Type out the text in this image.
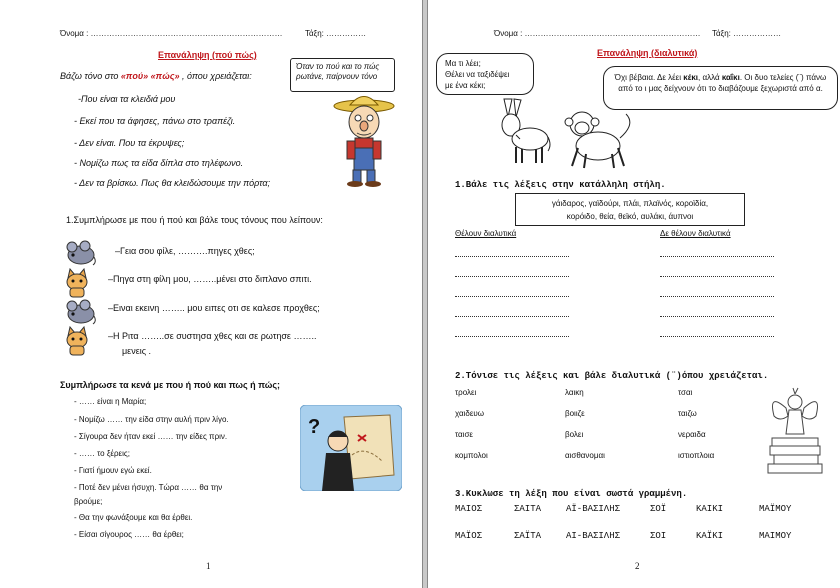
Όνομα : ………………………………………………………………	Τάξη: ……………
Επανάληψη (πού πώς)
Βάζω τόνο στο «πού» «πώς» , όπου χρειάζεται:
Όταν το πού και το πώς ρωτάνε, παίρνουν τόνο
-Που είναι τα κλειδιά μου
- Εκεί που τα άφησες, πάνω στο τραπέζι.
- Δεν είναι. Που τα έκρυψες;
- Νομίζω πως τα είδα δίπλα στο τηλέφωνο.
- Δεν τα βρίσκω. Πως θα κλειδώσουμε την πόρτα;
1.Συμπλήρωσε με που ή πού και βάλε τους τόνους που λείπουν:
–Γεια σου φίλε, ……….πηγες χθες;
–Πηγα στη φίλη μου, ……..μένει στο διπλανο σπιτι.
–Ειναι εκεινη …….. μου ειπες οτι σε καλεσε προχθες;
–Η Ριτα ……..σε συστησα χθες και σε ρωτησε ……..
μενεις .
Συμπλήρωσε τα κενά με που ή πού και πως ή πώς;
- …… είναι η Μαρία;
- Νομίζω …… την είδα στην αυλή πριν λίγο.
- Σίγουρα δεν ήταν εκεί …… την είδες πριν.
- …… το ξέρεις;
- Γιατί ήμουν εγώ εκεί.
- Ποτέ δεν μένει ήσυχη. Τώρα …… θα την
βρούμε;
- Θα την φωνάξουμε και θα έρθει.
- Είσαι σίγουρος …… θα έρθει;
?
1
Όνομα : ………………………………………………………… Τάξη: ………………
Επανάληψη (διαλυτικά)
Μα τι λέει;
Θέλει να ταξιδέψει
με ένα κέκι;
Όχι βέβαια. Δε λέει κέκι, αλλά καΐκι. Οι δυο τελείες (¨) πάνω από το ι μας δείχνουν ότι το διαβάζουμε ξεχωριστά από α.
1.Βάλε τις λέξεις στην κατάλληλη στήλη.
γάιδαρος, γαϊδούρι, πλάι, πλαϊνός, κοροϊδία,
κορόιδο, θεία, θεϊκό, αυλάκι, άυπνοι
Θέλουν διαλυτικά	Δε θέλουν διαλυτικά
2.Τόνισε τις λέξεις και βάλε διαλυτικά (¨)όπου χρειάζεται.
τρολει	λαικη	τσαι
χαιδευω	βοιιζε	ταιζω
ταισε	βολει	νεραιδα
κομπολοι	αισθανομαι	ιστιοπλοια
3.Κυκλωσε τη λέξη που είναι σωστά γραμμένη.
ΜΑΙΟΣ	ΣΑΙΤΑ	ΑΪ-ΒΑΣΙΛΗΣ	ΣΟΪ	ΚΑΙΚΙ	ΜΑΪΜΟΥ
ΜΑΪΟΣ	ΣΑΪΤΑ	ΑΙ-ΒΑΣΙΛΗΣ	ΣΟΙ	ΚΑΪΚΙ	ΜΑΙΜΟΥ
2
